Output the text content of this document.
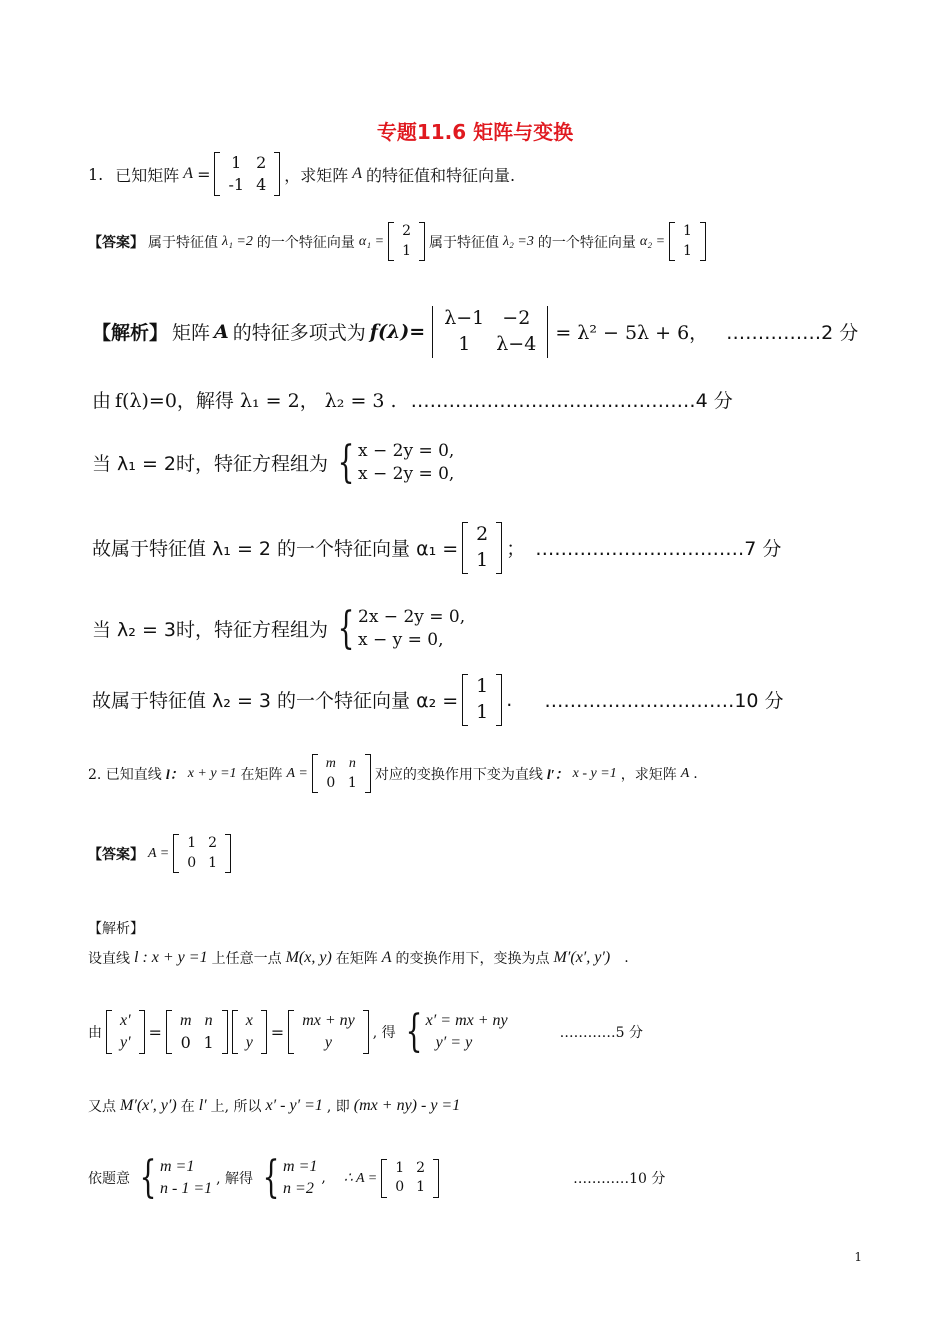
专题11.6 矩阵与变换
1. 已知矩阵 A =
1	2
-1	4 ，求矩阵 A 的特征值和特征向量.
【答案】 属于特征值 λ₁ =2 的一个特征向量 α₁ =
2
1 属于特征值 λ₂ =3 的一个特征向量 α₂ =
1
1
【解析】 矩阵 A 的特征多项式为 f(λ)=
λ−1	−2
1	λ−4 = λ² − 5λ + 6， ……………2 分
由 f(λ)=0，解得 λ₁ = 2， λ₂ = 3 . ………………………………………4 分
当 λ₁ = 2时，特征方程组为 { x − 2y = 0,
x − 2y = 0,
故属于特征值 λ₁ = 2 的一个特征向量 α₁ =
2
1 ； ……………………………7 分
当 λ₂ = 3时，特征方程组为 { 2x − 2y = 0,
x − y = 0,
故属于特征值 λ₂ = 3 的一个特征向量 α₂ =
1
1
. …………………………10 分
2. 已知直线 l： x + y =1 在矩阵 A =
m	n
0	1 对应的变换作用下变为直线 l′： x - y =1 ，求矩阵 A .
【答案】 A =
1	2
0	1
【解析】
设直线 l : x + y =1 上任意一点 M(x, y) 在矩阵 A 的变换作用下，变换为点 M′(x′, y′) .
由
x'
y'
=
m	n
0	1
x
y
=
mx + ny
y
, 得 { x′ = mx + ny
y′ = y
…………5 分
又点 M′(x′, y′) 在 l′ 上, 所以 x′ - y′ =1 , 即 (mx + ny) - y =1
依题意 { m =1
n - 1 =1
, 解得 { m =1
n =2
, ∴ A =
1	2
0	1	…………10 分
1
